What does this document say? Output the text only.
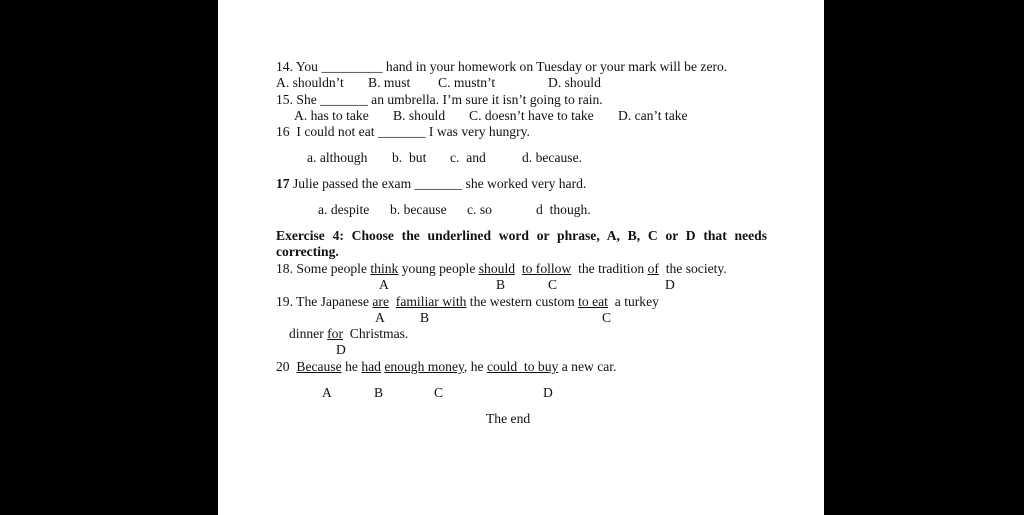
14. You _________ hand in your homework on Tuesday or your mark will be zero.
A. shouldn’t B. must C. mustn’t	D. should
15. She _______ an umbrella. I’m sure it isn’t going to rain.
A. has to take B. should C. doesn’t have to take D. can’t take
16  I could not eat _______ I was very hungry.
a. although b.  but c.  and	d. because.
17 Julie passed the exam _______ she worked very hard.
a. despite b. because c. so	d  though.
Exercise 4: Choose the underlined word or phrase, A, B, C or D that needs
correcting.
18. Some people think young people should to follow  the tradition of  the society.
A	B	C	D
19. The Japanese are familiar with the western custom to eat  a turkey
A	B	C
dinner for  Christmas.
D
20  Because he had enough money, he could  to buy a new car.
A	B	C	D
The end
